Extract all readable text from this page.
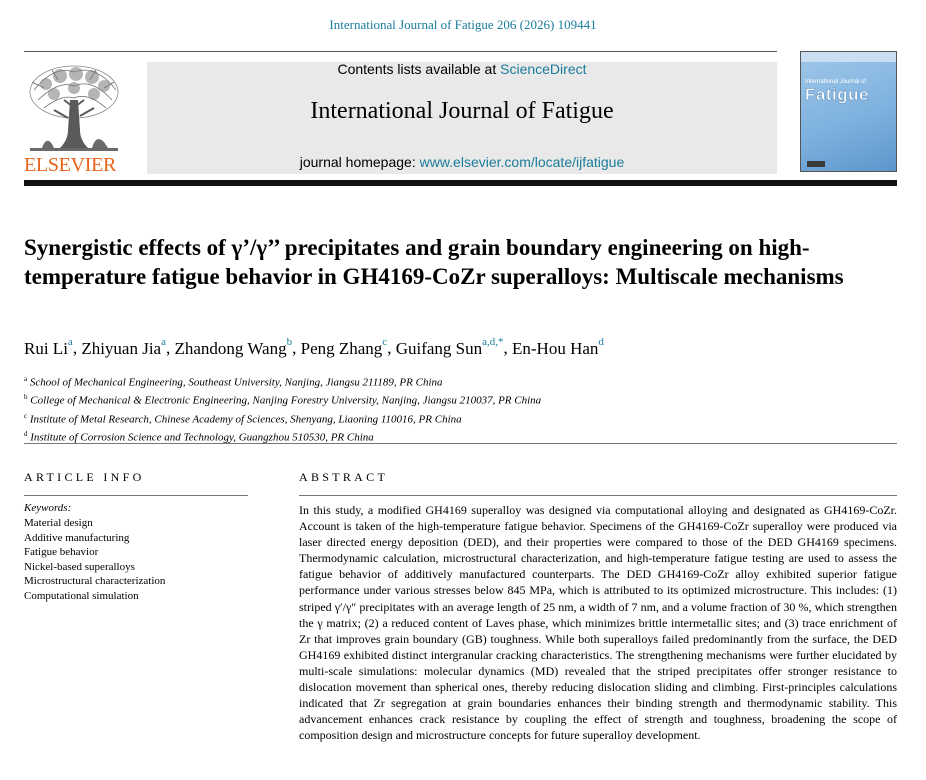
International Journal of Fatigue 206 (2026) 109441
ELSEVIER
Contents lists available at ScienceDirect
International Journal of Fatigue
journal homepage: www.elsevier.com/locate/ijfatigue
International Journal of
Fatigue
Synergistic effects of γ’/γ’’ precipitates and grain boundary engineering on high-temperature fatigue behavior in GH4169-CoZr superalloys: Multiscale mechanisms
Rui Li$^a$, Zhiyuan Jia$^a$, Zhandong Wang$^b$, Peng Zhang$^c$, Guifang Sun$^{a,d,*}$, En-Hou Han$^d$
$^a$ School of Mechanical Engineering, Southeast University, Nanjing, Jiangsu 211189, PR China
$^b$ College of Mechanical & Electronic Engineering, Nanjing Forestry University, Nanjing, Jiangsu 210037, PR China
$^c$ Institute of Metal Research, Chinese Academy of Sciences, Shenyang, Liaoning 110016, PR China
$^d$ Institute of Corrosion Science and Technology, Guangzhou 510530, PR China
ARTICLE INFO
Keywords:
Material design
Additive manufacturing
Fatigue behavior
Nickel-based superalloys
Microstructural characterization
Computational simulation
ABSTRACT

In this study, a modified GH4169 superalloy was designed via computational alloying and designated as GH4169-CoZr. Account is taken of the high-temperature fatigue behavior. Specimens of the GH4169-CoZr superalloy were produced via laser directed energy deposition (DED), and their properties were compared to those of the DED GH4169 specimens. Thermodynamic calculation, microstructural characterization, and high-temperature fatigue testing are used to assess the fatigue behavior of additively manufactured counterparts. The DED GH4169-CoZr alloy exhibited superior fatigue performance under various stresses below 845 MPa, which is attributed to its optimized microstructure. This includes: (1) striped γ′/γ″ precipitates with an average length of 25 nm, a width of 7 nm, and a volume fraction of 30 %, which strengthen the γ matrix; (2) a reduced content of Laves phase, which minimizes brittle intermetallic sites; and (3) trace enrichment of Zr that improves grain boundary (GB) toughness. While both superalloys failed predominantly from the surface, the DED GH4169 exhibited distinct intergranular cracking characteristics. The strengthening mechanisms were further elucidated by multi-scale simulations: molecular dynamics (MD) revealed that the striped precipitates offer stronger resistance to dislocation movement than spherical ones, thereby reducing dislocation sliding and climbing. First-principles calculations indicated that Zr segregation at grain boundaries enhances their binding strength and thermodynamic stability. This advancement enhances crack resistance by coupling the effect of strength and toughness, broadening the scope of composition design and microstructure concepts for future superalloy development.
